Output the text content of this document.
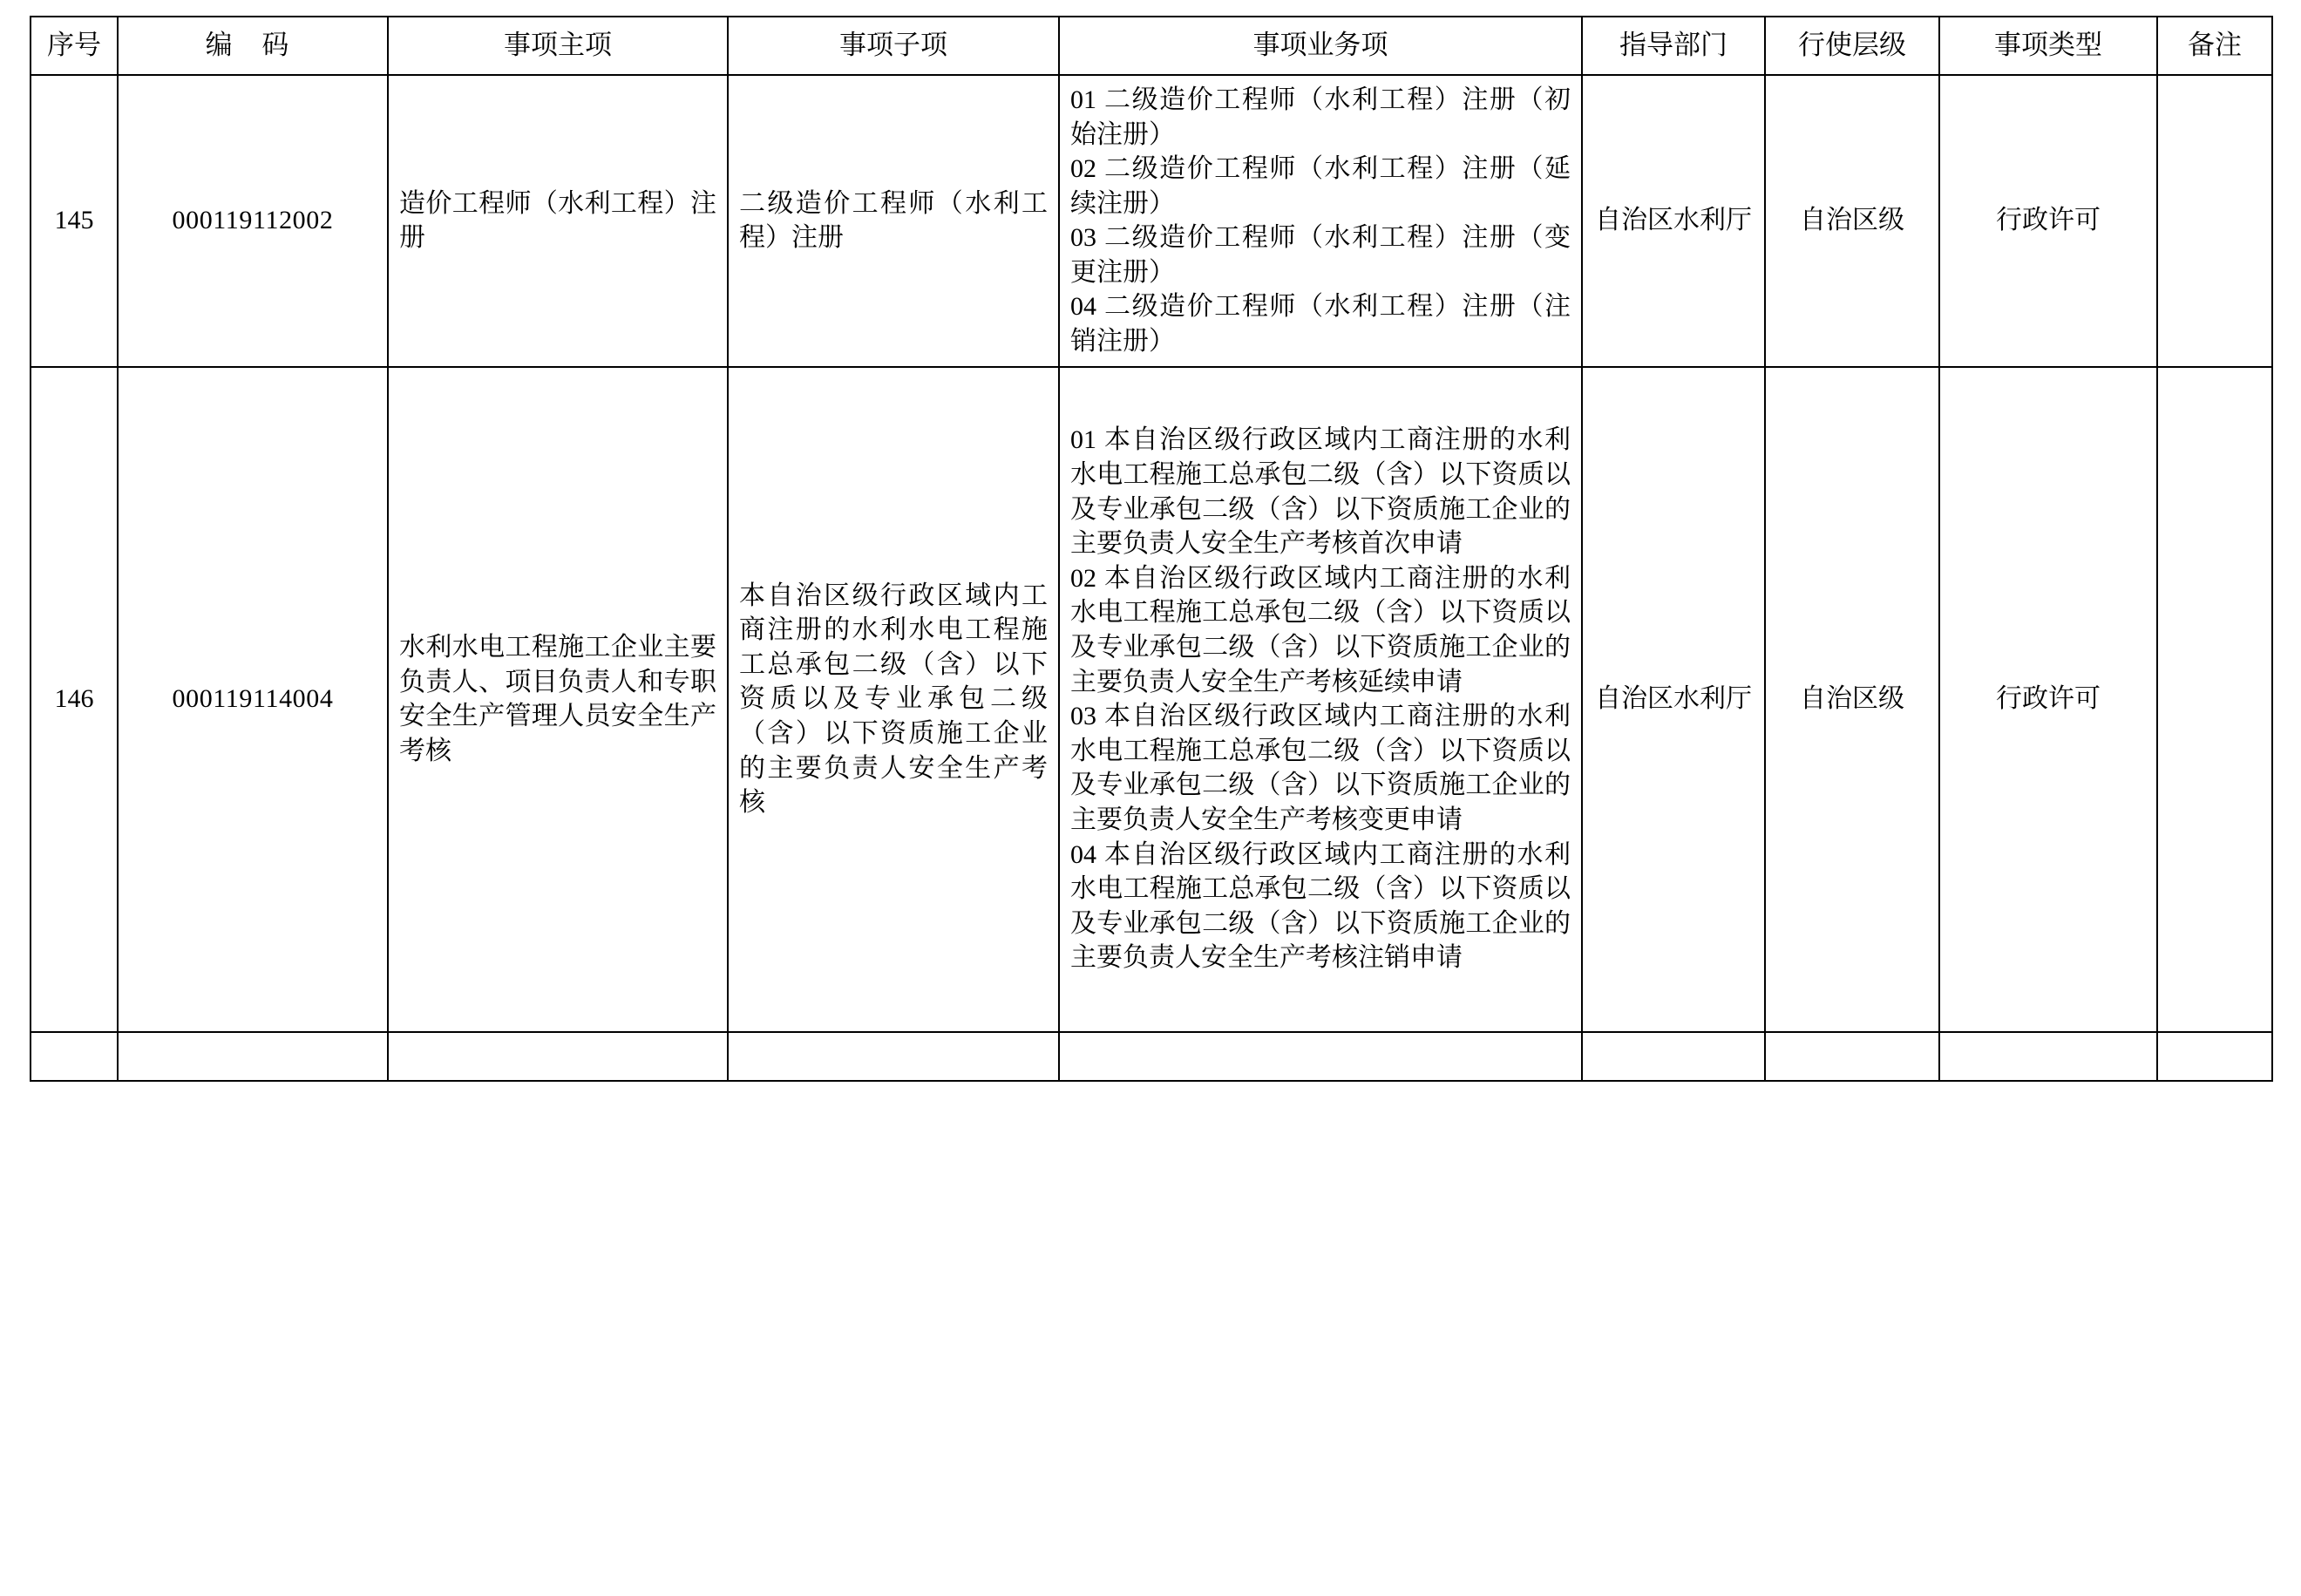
序号	编 码	事项主项	事项子项	事项业务项	指导部门	行使层级	事项类型	备注
145	000119112002	造价工程师（水利工程）注册	二级造价工程师（水利工程）注册	01 二级造价工程师（水利工程）注册（初始注册）
02 二级造价工程师（水利工程）注册（延续注册）
03 二级造价工程师（水利工程）注册（变更注册）
04 二级造价工程师（水利工程）注册（注销注册）	自治区水利厅	自治区级	行政许可	
146	000119114004	水利水电工程施工企业主要负责人、项目负责人和专职安全生产管理人员安全生产考核	本自治区级行政区域内工商注册的水利水电工程施工总承包二级（含）以下资质以及专业承包二级（含）以下资质施工企业的主要负责人安全生产考核	01 本自治区级行政区域内工商注册的水利水电工程施工总承包二级（含）以下资质以及专业承包二级（含）以下资质施工企业的主要负责人安全生产考核首次申请
02 本自治区级行政区域内工商注册的水利水电工程施工总承包二级（含）以下资质以及专业承包二级（含）以下资质施工企业的主要负责人安全生产考核延续申请
03 本自治区级行政区域内工商注册的水利水电工程施工总承包二级（含）以下资质以及专业承包二级（含）以下资质施工企业的主要负责人安全生产考核变更申请
04 本自治区级行政区域内工商注册的水利水电工程施工总承包二级（含）以下资质以及专业承包二级（含）以下资质施工企业的主要负责人安全生产考核注销申请	自治区水利厅	自治区级	行政许可	
